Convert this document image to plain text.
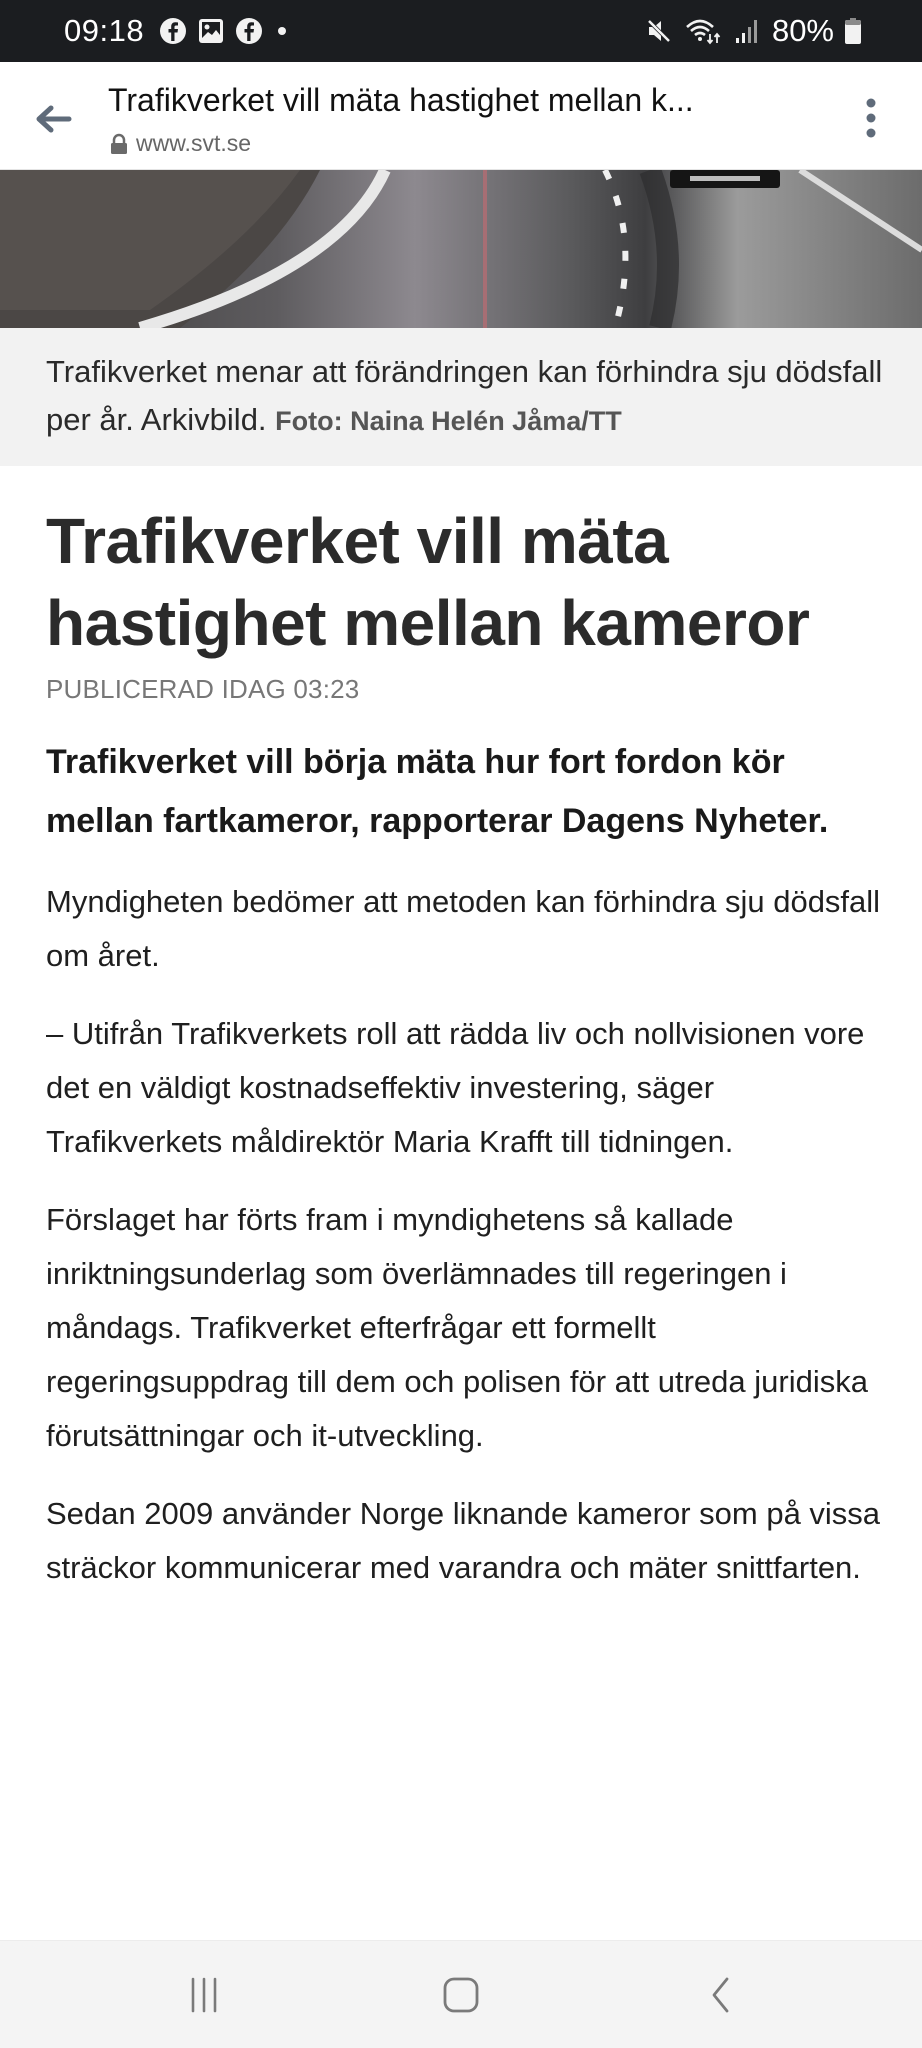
09:18	80%
Trafikverket vill mäta hastighet mellan k...
www.svt.se
Trafikverket menar att förändringen kan förhindra sju dödsfall per år. Arkivbild. Foto: Naina Helén Jåma/TT
Trafikverket vill mäta hastighet mellan kameror
PUBLICERAD IDAG 03:23

Trafikverket vill börja mäta hur fort fordon kör mellan fartkameror, rapporterar Dagens Nyheter.

Myndigheten bedömer att metoden kan förhindra sju dödsfall om året.

– Utifrån Trafikverkets roll att rädda liv och nollvisionen vore det en väldigt kostnadseffektiv investering, säger Trafikverkets måldirektör Maria Krafft till tidningen.

Förslaget har förts fram i myndighetens så kallade inriktningsunderlag som överlämnades till regeringen i måndags. Trafikverket efterfrågar ett formellt regeringsuppdrag till dem och polisen för att utreda juridiska förutsättningar och it-utveckling.

Sedan 2009 använder Norge liknande kameror som på vissa sträckor kommunicerar med varandra och mäter snittfarten.
